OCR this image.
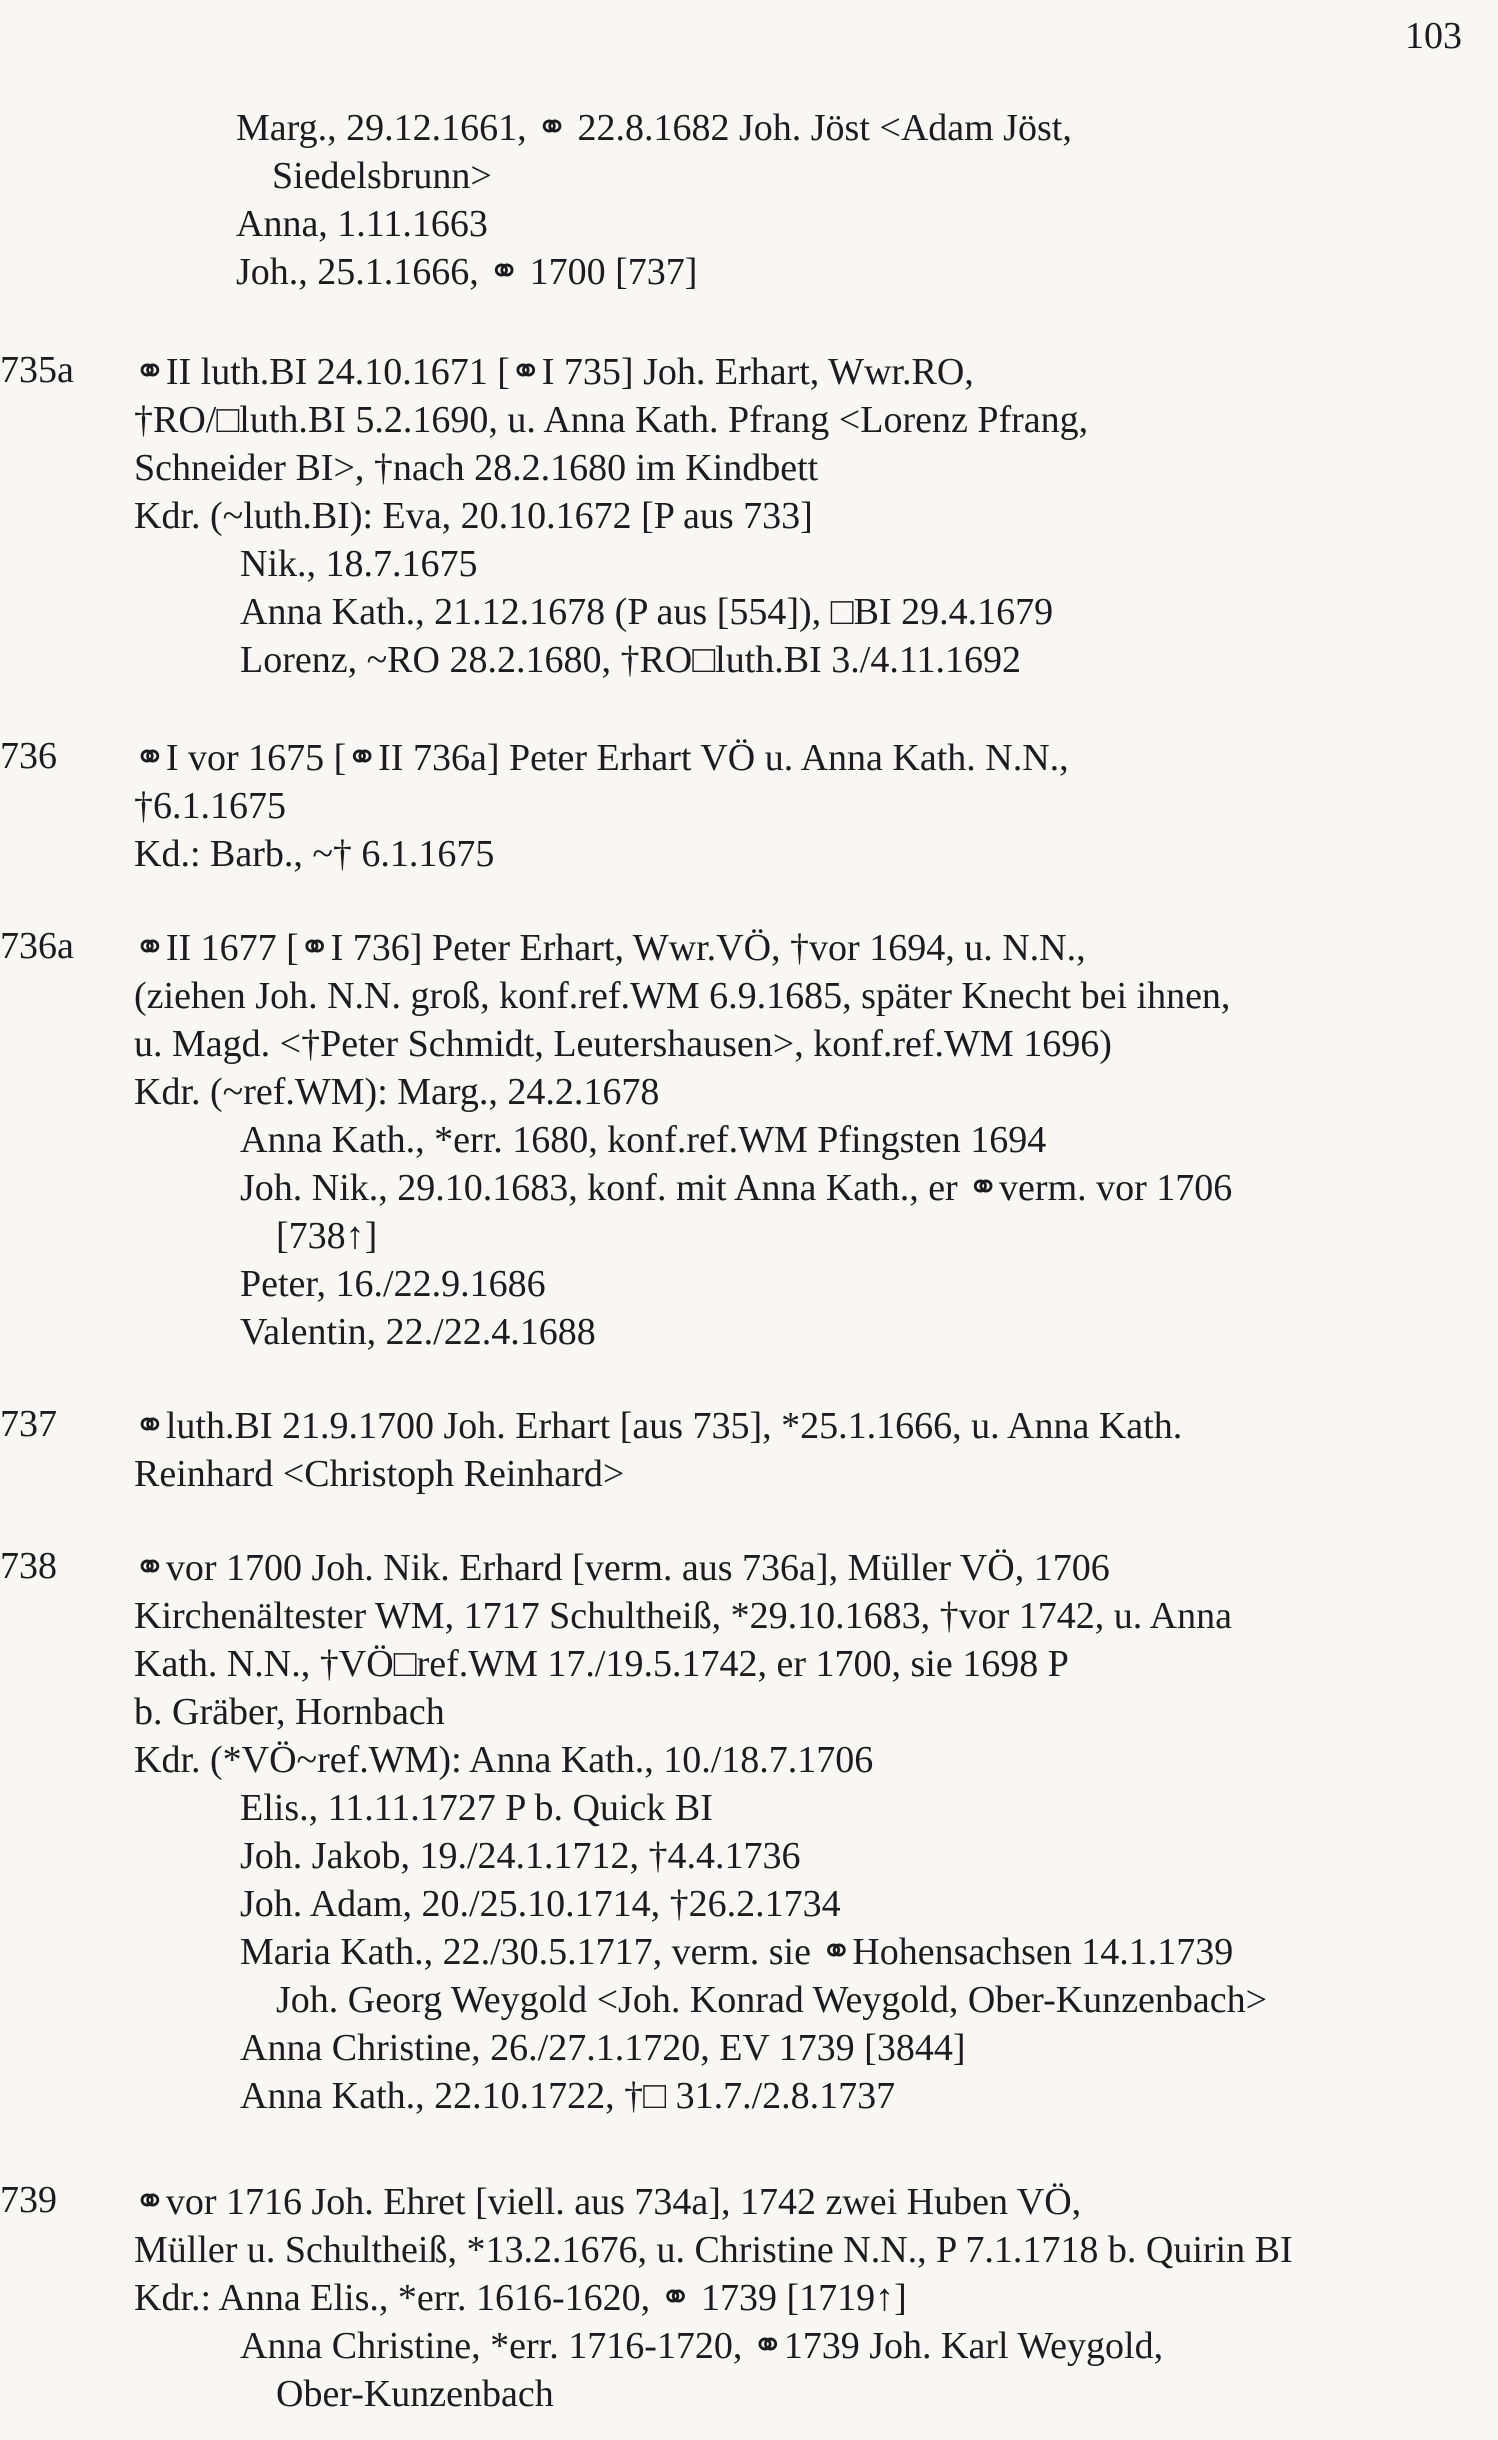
103
Marg., 29.12.1661, ⚭ 22.8.1682 Joh. Jöst <Adam Jöst,
Siedelsbrunn>
Anna, 1.11.1663
Joh., 25.1.1666, ⚭ 1700 [737]
735a ⚭II luth.BI 24.10.1671 [⚭I 735] Joh. Erhart, Wwr.RO,
†RO/□luth.BI 5.2.1690, u. Anna Kath. Pfrang <Lorenz Pfrang,
Schneider BI>, †nach 28.2.1680 im Kindbett
Kdr. (~luth.BI): Eva, 20.10.1672 [P aus 733]
Nik., 18.7.1675
Anna Kath., 21.12.1678 (P aus [554]), □BI 29.4.1679
Lorenz, ~RO 28.2.1680, †RO□luth.BI 3./4.11.1692
736 ⚭I vor 1675 [⚭II 736a] Peter Erhart VÖ u. Anna Kath. N.N.,
†6.1.1675
Kd.: Barb., ~† 6.1.1675
736a ⚭II 1677 [⚭I 736] Peter Erhart, Wwr.VÖ, †vor 1694, u. N.N.,
(ziehen Joh. N.N. groß, konf.ref.WM 6.9.1685, später Knecht bei ihnen,
u. Magd. <†Peter Schmidt, Leutershausen>, konf.ref.WM 1696)
Kdr. (~ref.WM): Marg., 24.2.1678
Anna Kath., *err. 1680, konf.ref.WM Pfingsten 1694
Joh. Nik., 29.10.1683, konf. mit Anna Kath., er ⚭verm. vor 1706
[738↑]
Peter, 16./22.9.1686
Valentin, 22./22.4.1688
737 ⚭luth.BI 21.9.1700 Joh. Erhart [aus 735], *25.1.1666, u. Anna Kath.
Reinhard <Christoph Reinhard>
738 ⚭vor 1700 Joh. Nik. Erhard [verm. aus 736a], Müller VÖ, 1706
Kirchenältester WM, 1717 Schultheiß, *29.10.1683, †vor 1742, u. Anna
Kath. N.N., †VÖ□ref.WM 17./19.5.1742, er 1700, sie 1698 P
b. Gräber, Hornbach
Kdr. (*VÖ~ref.WM): Anna Kath., 10./18.7.1706
Elis., 11.11.1727 P b. Quick BI
Joh. Jakob, 19./24.1.1712, †4.4.1736
Joh. Adam, 20./25.10.1714, †26.2.1734
Maria Kath., 22./30.5.1717, verm. sie ⚭Hohensachsen 14.1.1739
Joh. Georg Weygold <Joh. Konrad Weygold, Ober-Kunzenbach>
Anna Christine, 26./27.1.1720, EV 1739 [3844]
Anna Kath., 22.10.1722, †□ 31.7./2.8.1737
739 ⚭vor 1716 Joh. Ehret [viell. aus 734a], 1742 zwei Huben VÖ,
Müller u. Schultheiß, *13.2.1676, u. Christine N.N., P 7.1.1718 b. Quirin BI
Kdr.: Anna Elis., *err. 1616-1620, ⚭ 1739 [1719↑]
Anna Christine, *err. 1716-1720, ⚭1739 Joh. Karl Weygold,
Ober-Kunzenbach
